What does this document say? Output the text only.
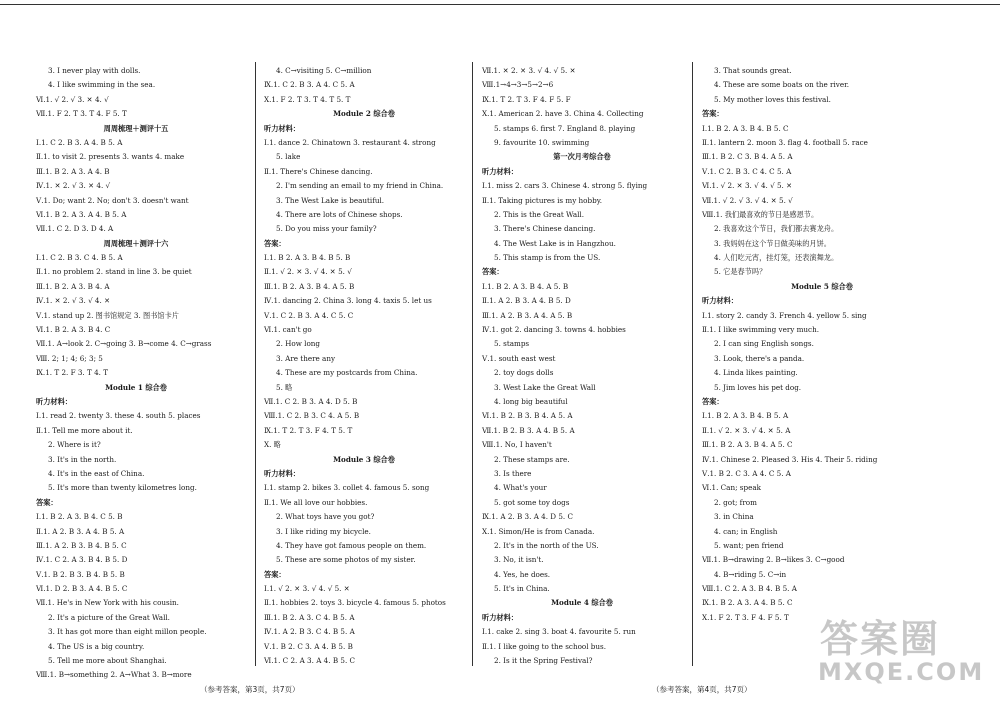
3. I never play with dolls.
4. I like swimming in the sea.
Ⅵ.1. √ 2. √ 3. ✕ 4. √
Ⅶ.1. F 2. T 3. T 4. F 5. T
周周梳理＋测评十五
Ⅰ.1. C 2. B 3. A 4. B 5. A
Ⅱ.1. to visit 2. presents 3. wants 4. make
Ⅲ.1. B 2. A 3. A 4. B
Ⅳ.1. ✕ 2. √ 3. ✕ 4. √
Ⅴ.1. Do; want 2. No; don't 3. doesn't want
Ⅵ.1. B 2. A 3. A 4. B 5. A
Ⅶ.1. C 2. D 3. D 4. A
周周梳理＋测评十六
Ⅰ.1. C 2. B 3. C 4. B 5. A
Ⅱ.1. no problem 2. stand in line 3. be quiet
Ⅲ.1. B 2. A 3. B 4. A
Ⅳ.1. ✕ 2. √ 3. √ 4. ✕
Ⅴ.1. stand up 2. 图书馆规定 3. 图书馆卡片
Ⅵ.1. B 2. A 3. B 4. C
Ⅶ.1. A→look 2. C→going 3. B→come 4. C→grass
Ⅷ. 2; 1; 4; 6; 3; 5
Ⅸ.1. T 2. F 3. T 4. T
Module 1 综合卷
听力材料：
Ⅰ.1. read 2. twenty 3. these 4. south 5. places
Ⅱ.1. Tell me more about it.
2. Where is it?
3. It's in the north.
4. It's in the east of China.
5. It's more than twenty kilometres long.
答案：
Ⅰ.1. B 2. A 3. B 4. C 5. B
Ⅱ.1. A 2. B 3. A 4. B 5. A
Ⅲ.1. A 2. B 3. B 4. B 5. C
Ⅳ.1. C 2. A 3. B 4. B 5. D
Ⅴ.1. B 2. B 3. B 4. B 5. B
Ⅵ.1. D 2. B 3. A 4. B 5. C
Ⅶ.1. He's in New York with his cousin.
2. It's a picture of the Great Wall.
3. It has got more than eight millon people.
4. The US is a big country.
5. Tell me more about Shanghai.
Ⅷ.1. B→something 2. A→What 3. B→more
4. C→visiting 5. C→million
Ⅸ.1. C 2. B 3. A 4. C 5. A
Ⅹ.1. F 2. T 3. T 4. T 5. T
Module 2 综合卷
听力材料：
Ⅰ.1. dance 2. Chinatown 3. restaurant 4. strong
5. lake
Ⅱ.1. There's Chinese dancing.
2. I'm sending an email to my friend in China.
3. The West Lake is beautiful.
4. There are lots of Chinese shops.
5. Do you miss your family?
答案：
Ⅰ.1. B 2. A 3. B 4. B 5. B
Ⅱ.1. √ 2. ✕ 3. √ 4. ✕ 5. √
Ⅲ.1. B 2. A 3. B 4. A 5. B
Ⅳ.1. dancing 2. China 3. long 4. taxis 5. let us
Ⅴ.1. C 2. B 3. A 4. C 5. C
Ⅵ.1. can't go
2. How long
3. Are there any
4. These are my postcards from China.
5. 略
Ⅶ.1. C 2. B 3. A 4. D 5. B
Ⅷ.1. C 2. B 3. C 4. A 5. B
Ⅸ.1. T 2. T 3. F 4. T 5. T
Ⅹ. 略
Module 3 综合卷
听力材料：
Ⅰ.1. stamp 2. bikes 3. collet 4. famous 5. song
Ⅱ.1. We all love our hobbies.
2. What toys have you got?
3. I like riding my bicycle.
4. They have got famous people on them.
5. These are some photos of my sister.
答案：
Ⅰ.1. √ 2. ✕ 3. √ 4. √ 5. ✕
Ⅱ.1. hobbies 2. toys 3. bicycle 4. famous 5. photos
Ⅲ.1. B 2. A 3. C 4. B 5. A
Ⅳ.1. A 2. B 3. C 4. B 5. A
Ⅴ.1. B 2. C 3. A 4. B 5. B
Ⅵ.1. C 2. A 3. A 4. B 5. C
Ⅶ.1. ✕ 2. ✕ 3. √ 4. √ 5. ✕
Ⅷ.1→4→3→5→2→6
Ⅸ.1. T 2. T 3. F 4. F 5. F
Ⅹ.1. American 2. have 3. China 4. Collecting
5. stamps 6. first 7. England 8. playing
9. favourite 10. swimming
第一次月考综合卷
听力材料：
Ⅰ.1. miss 2. cars 3. Chinese 4. strong 5. flying
Ⅱ.1. Taking pictures is my hobby.
2. This is the Great Wall.
3. There's Chinese dancing.
4. The West Lake is in Hangzhou.
5. This stamp is from the US.
答案：
Ⅰ.1. B 2. A 3. B 4. A 5. B
Ⅱ.1. A 2. B 3. A 4. B 5. D
Ⅲ.1. A 2. B 3. A 4. A 5. B
Ⅳ.1. got 2. dancing 3. towns 4. hobbies
5. stamps
Ⅴ.1. south east west
2. toy dogs dolls
3. West Lake the Great Wall
4. long big beautiful
Ⅵ.1. B 2. B 3. B 4. A 5. A
Ⅶ.1. B 2. B 3. A 4. B 5. A
Ⅷ.1. No, I haven't
2. These stamps are.
3. Is there
4. What's your
5. got some toy dogs
Ⅸ.1. A 2. B 3. A 4. D 5. C
Ⅹ.1. Simon/He is from Canada.
2. It's in the north of the US.
3. No, it isn't.
4. Yes, he does.
5. It's in China.
Module 4 综合卷
听力材料：
Ⅰ.1. cake 2. sing 3. boat 4. favourite 5. run
Ⅱ.1. I like going to the school bus.
2. Is it the Spring Festival?
3. That sounds great.
4. These are some boats on the river.
5. My mother loves this festival.
答案：
Ⅰ.1. B 2. A 3. B 4. B 5. C
Ⅱ.1. lantern 2. moon 3. flag 4. football 5. race
Ⅲ.1. B 2. C 3. B 4. A 5. A
Ⅴ.1. C 2. B 3. C 4. C 5. A
Ⅵ.1. √ 2. ✕ 3. √ 4. √ 5. ✕
Ⅶ.1. √ 2. √ 3. √ 4. ✕ 5. √
Ⅷ.1. 我们最喜欢的节日是感恩节。
2. 我喜欢这个节日，我们都去赛龙舟。
3. 我妈妈在这个节日做美味的月饼。
4. 人们吃元宵，挂灯笼，还表演舞龙。
5. 它是春节吗？
Module 5 综合卷
听力材料：
Ⅰ.1. story 2. candy 3. French 4. yellow 5. sing
Ⅱ.1. I like swimming very much.
2. I can sing English songs.
3. Look, there's a panda.
4. Linda likes painting.
5. Jim loves his pet dog.
答案：
Ⅰ.1. B 2. A 3. B 4. B 5. A
Ⅱ.1. √ 2. ✕ 3. √ 4. ✕ 5. A
Ⅲ.1. B 2. A 3. B 4. A 5. C
Ⅳ.1. Chinese 2. Pleased 3. His 4. Their 5. riding
Ⅴ.1. B 2. C 3. A 4. C 5. A
Ⅵ.1. Can; speak
2. got; from
3. in China
4. can; in English
5. want; pen friend
Ⅶ.1. B→drawing 2. B→likes 3. C→good
4. B→riding 5. C→in
Ⅷ.1. C 2. A 3. B 4. B 5. A
Ⅸ.1. B 2. A 3. A 4. B 5. C
Ⅹ.1. F 2. T 3. F 4. F 5. T
（参考答案，第3页，共7页）	（参考答案，第4页，共7页）
答案圈
MXQE.COM
